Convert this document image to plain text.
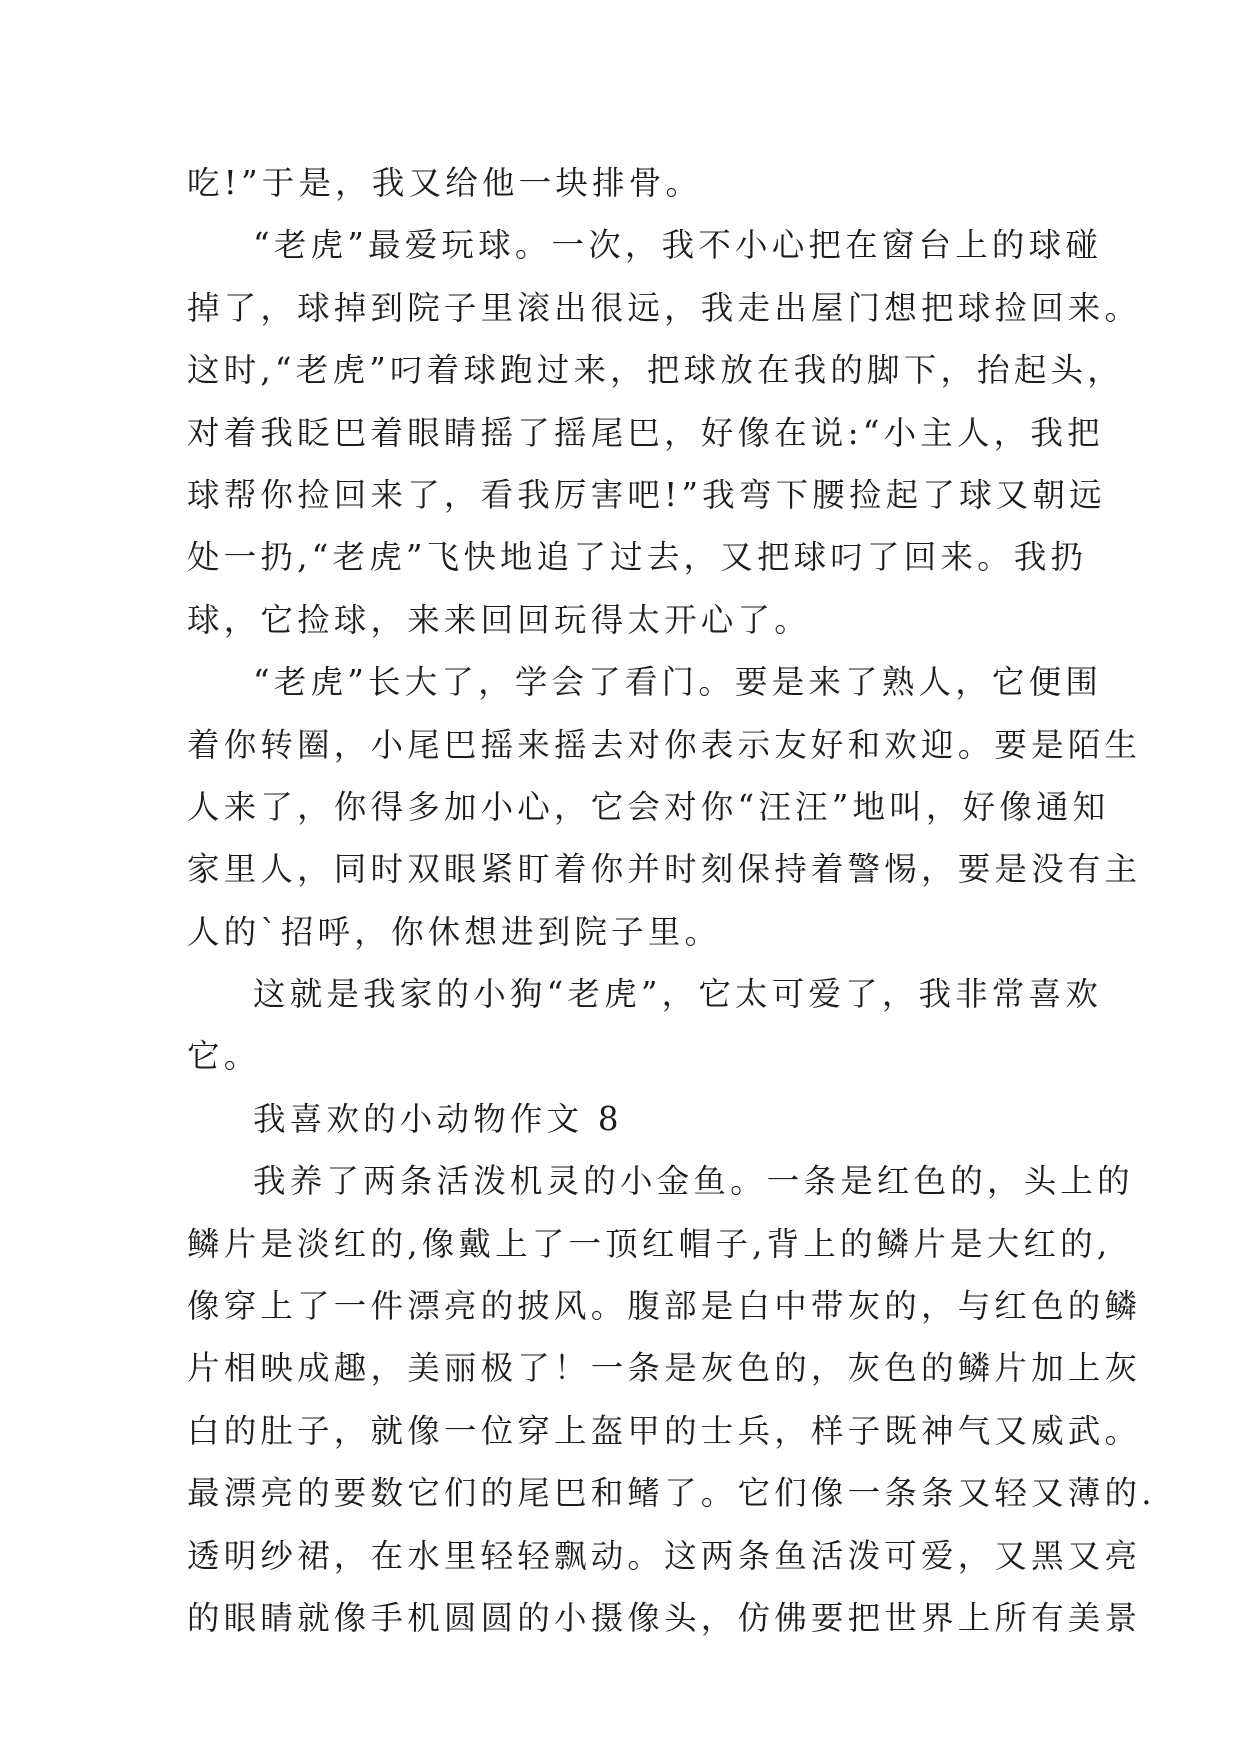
吃!”于是，我又给他一块排骨。
“老虎”最爱玩球。一次，我不小心把在窗台上的球碰
掉了，球掉到院子里滚出很远，我走出屋门想把球捡回来。
这时,“老虎”叼着球跑过来，把球放在我的脚下，抬起头，
对着我眨巴着眼睛摇了摇尾巴，好像在说:“小主人，我把
球帮你捡回来了，看我厉害吧!”我弯下腰捡起了球又朝远
处一扔,“老虎”飞快地追了过去，又把球叼了回来。我扔
球，它捡球，来来回回玩得太开心了。
“老虎”长大了，学会了看门。要是来了熟人，它便围
着你转圈，小尾巴摇来摇去对你表示友好和欢迎。要是陌生
人来了，你得多加小心，它会对你“汪汪”地叫，好像通知
家里人，同时双眼紧盯着你并时刻保持着警惕，要是没有主
人的`招呼，你休想进到院子里。
这就是我家的小狗“老虎”，它太可爱了，我非常喜欢
它。
我喜欢的小动物作文 8
我养了两条活泼机灵的小金鱼。一条是红色的，头上的
鳞片是淡红的,像戴上了一顶红帽子,背上的鳞片是大红的,
像穿上了一件漂亮的披风。腹部是白中带灰的，与红色的鳞
片相映成趣，美丽极了！一条是灰色的，灰色的鳞片加上灰
白的肚子，就像一位穿上盔甲的士兵，样子既神气又威武。
最漂亮的要数它们的尾巴和鳍了。它们像一条条又轻又薄的.
透明纱裙，在水里轻轻飘动。这两条鱼活泼可爱，又黑又亮
的眼睛就像手机圆圆的小摄像头，仿佛要把世界上所有美景
